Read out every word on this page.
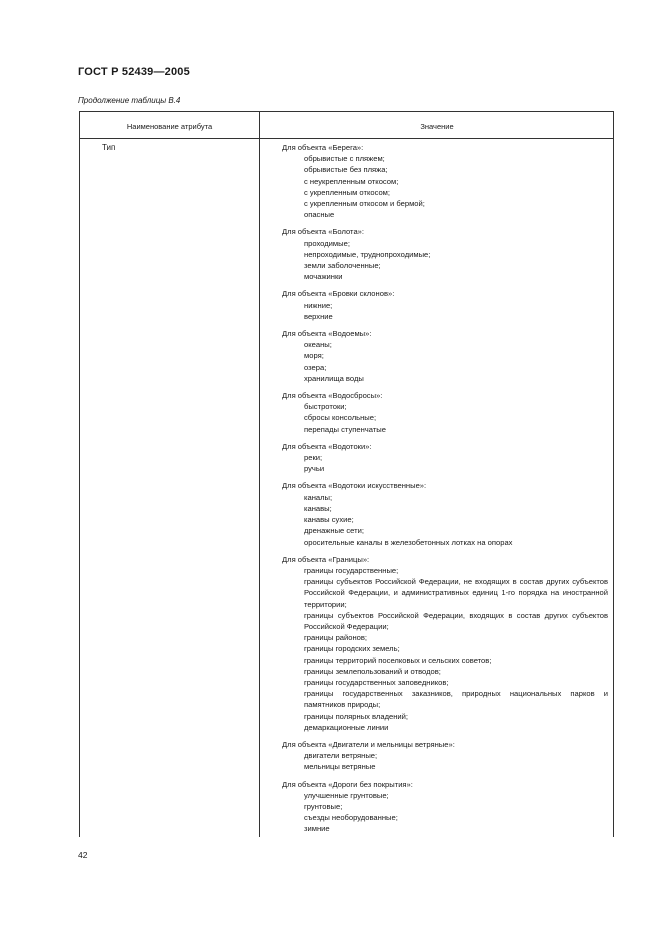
ГОСТ Р 52439—2005
Продолжение таблицы В.4
Наименование атрибута	Значение
Тип	Для объекта «Берега»:
обрывистые с пляжем;
обрывистые без пляжа;
с неукрепленным откосом;
с укрепленным откосом;
с укрепленным откосом и бермой;
опасные
Для объекта «Болота»:
проходимые;
непроходимые, труднопроходимые;
земли заболоченные;
мочажинки
Для объекта «Бровки склонов»:
нижние;
верхние
Для объекта «Водоемы»:
океаны;
моря;
озера;
хранилища воды
Для объекта «Водосбросы»:
быстротоки;
сбросы консольные;
перепады ступенчатые
Для объекта «Водотоки»:
реки;
ручьи
Для объекта «Водотоки искусственные»:
каналы;
канавы;
канавы сухие;
дренажные сети;
оросительные каналы в железобетонных лотках на опорах
Для объекта «Границы»:
границы государственные;
границы субъектов Российской Федерации, не входящих в состав других субъектов Российской Федерации, и административных единиц 1-го порядка на иностранной территории;
границы субъектов Российской Федерации, входящих в состав других субъектов Российской Федерации;
границы районов;
границы городских земель;
границы территорий поселковых и сельских советов;
границы землепользований и отводов;
границы государственных заповедников;
границы государственных заказников, природных национальных парков и памятников природы;
границы полярных владений;
демаркационные линии
Для объекта «Двигатели и мельницы ветряные»:
двигатели ветряные;
мельницы ветряные
Для объекта «Дороги без покрытия»:
улучшенные грунтовые;
грунтовые;
съезды необорудованные;
зимние
42
